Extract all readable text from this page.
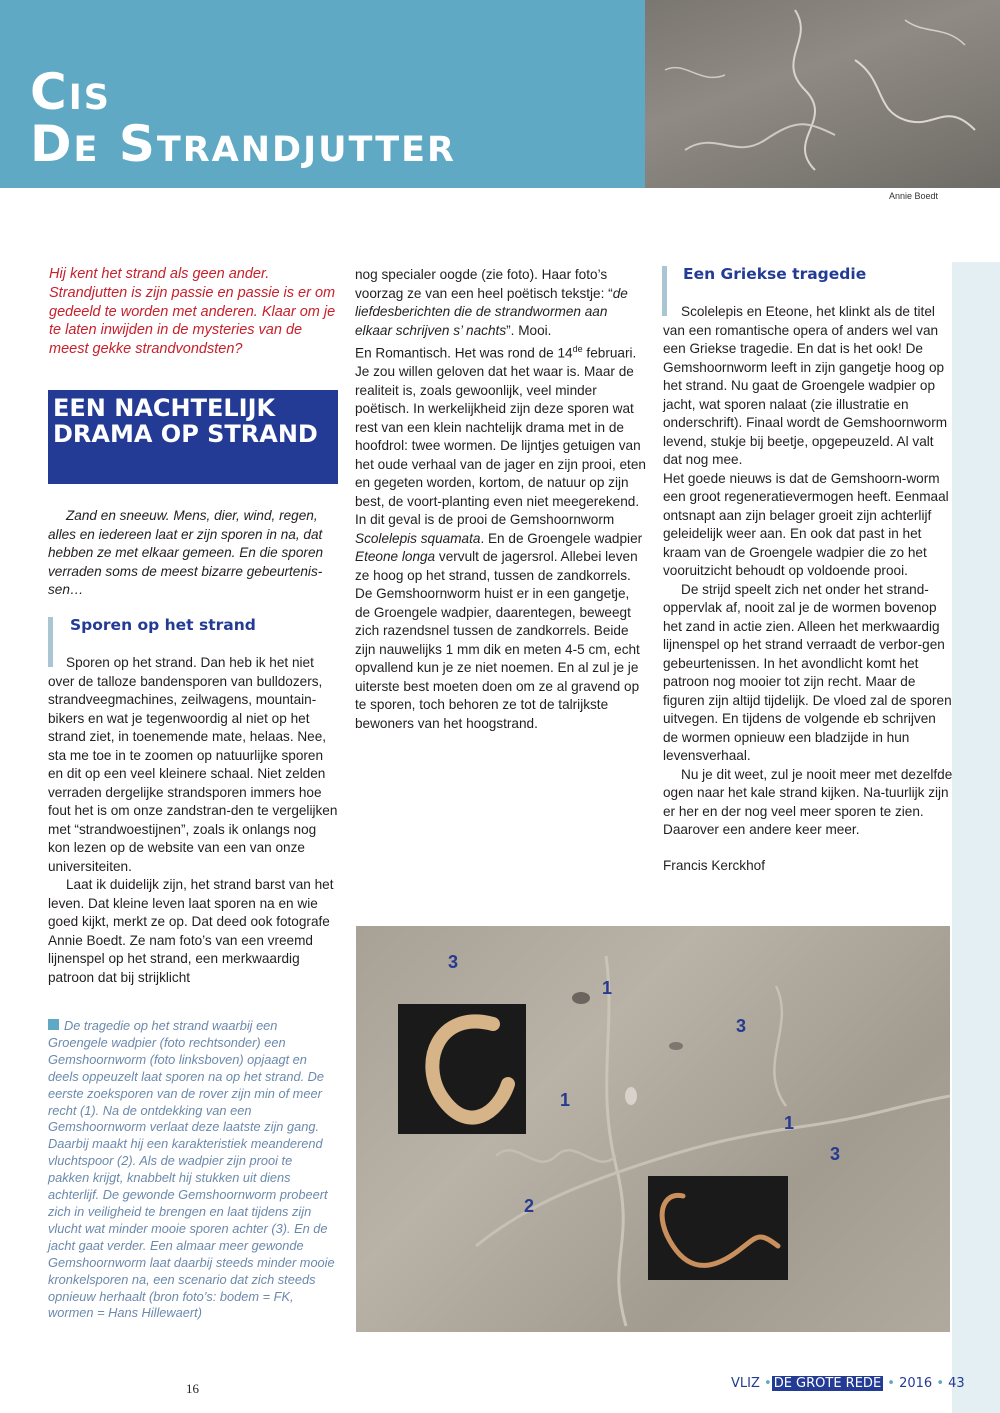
Cis
De Strandjutter
Annie Boedt

Hij kent het strand als geen ander. Strandjutten is zijn passie en passie is er om gedeeld te worden met anderen. Klaar om je te laten inwijden in de mysteries van de meest gekke strandvondsten?

EEN NACHTELIJK
DRAMA OP STRAND

Zand en sneeuw. Mens, dier, wind, regen, alles en iedereen laat er zijn sporen in na, dat hebben ze met elkaar gemeen. En die sporen verraden soms de meest bizarre gebeurtenis-sen…

Sporen op het strand

Sporen op het strand. Dan heb ik het niet over de talloze bandensporen van bulldozers, strandveegmachines, zeilwagens, mountain-bikers en wat je tegenwoordig al niet op het strand ziet, in toenemende mate, helaas. Nee, sta me toe in te zoomen op natuurlijke sporen en dit op een veel kleinere schaal. Niet zelden verraden dergelijke strandsporen immers hoe fout het is om onze zandstran-den te vergelijken met “strandwoestijnen”, zoals ik onlangs nog kon lezen op de website van een van onze universiteiten.

Laat ik duidelijk zijn, het strand barst van het leven. Dat kleine leven laat sporen na en wie goed kijkt, merkt ze op. Dat deed ook fotografe Annie Boedt. Ze nam foto’s van een vreemd lijnenspel op het strand, een merkwaardig patroon dat bij strijklicht

De tragedie op het strand waarbij een Groengele wadpier (foto rechtsonder) een Gemshoornworm (foto linksboven) opjaagt en deels oppeuzelt laat sporen na op het strand. De eerste zoeksporen van de rover zijn min of meer recht (1). Na de ontdekking van een Gemshoornworm verlaat deze laatste zijn gang. Daarbij maakt hij een karakteristiek meanderend vluchtspoor (2). Als de wadpier zijn prooi te pakken krijgt, knabbelt hij stukken uit diens achterlijf. De gewonde Gemshoornworm probeert zich in veiligheid te brengen en laat tijdens zijn vlucht wat minder mooie sporen achter (3). En de jacht gaat verder. Een almaar meer gewonde Gemshoornworm laat daarbij steeds minder mooie kronkelsporen na, een scenario dat zich steeds opnieuw herhaalt (bron foto’s: bodem = FK, wormen = Hans Hillewaert)

nog specialer oogde (zie foto). Haar foto’s voorzag ze van een heel poëtisch tekstje: “de liefdesberichten die de strandwormen aan elkaar schrijven s’ nachts”. Mooi.

En Romantisch. Het was rond de 14de februari. Je zou willen geloven dat het waar is. Maar de realiteit is, zoals gewoonlijk, veel minder poëtisch. In werkelijkheid zijn deze sporen wat rest van een klein nachtelijk drama met in de hoofdrol: twee wormen. De lijntjes getuigen van het oude verhaal van de jager en zijn prooi, eten en gegeten worden, kortom, de natuur op zijn best, de voort-planting even niet meegerekend. In dit geval is de prooi de Gemshoornworm Scolelepis squamata. En de Groengele wadpier Eteone longa vervult de jagersrol. Allebei leven ze hoog op het strand, tussen de zandkorrels. De Gemshoornworm huist er in een gangetje, de Groengele wadpier, daarentegen, beweegt zich razendsnel tussen de zandkorrels. Beide zijn nauwelijks 1 mm dik en meten 4-5 cm, echt opvallend kun je ze niet noemen. En al zul je je uiterste best moeten doen om ze al gravend op te sporen, toch behoren ze tot de talrijkste bewoners van het hoogstrand.

Een Griekse tragedie

Scolelepis en Eteone, het klinkt als de titel van een romantische opera of anders wel van een Griekse tragedie. En dat is het ook! De Gemshoornworm leeft in zijn gangetje hoog op het strand. Nu gaat de Groengele wadpier op jacht, wat sporen nalaat (zie illustratie en onderschrift). Finaal wordt de Gemshoornworm levend, stukje bij beetje, opgepeuzeld. Al valt dat nog mee.

Het goede nieuws is dat de Gemshoorn-worm een groot regeneratievermogen heeft. Eenmaal ontsnapt aan zijn belager groeit zijn achterlijf geleidelijk weer aan. En ook dat past in het kraam van de Groengele wadpier die zo het vooruitzicht behoudt op voldoende prooi.

De strijd speelt zich net onder het strand-oppervlak af, nooit zal je de wormen bovenop het zand in actie zien. Alleen het merkwaardig lijnenspel op het strand verraadt de verbor-gen gebeurtenissen. In het avondlicht komt het patroon nog mooier tot zijn recht. Maar de figuren zijn altijd tijdelijk. De vloed zal de sporen uitvegen. En tijdens de volgende eb schrijven de wormen opnieuw een bladzijde in hun levensverhaal.

Nu je dit weet, zul je nooit meer met dezelfde ogen naar het kale strand kijken. Na-tuurlijk zijn er her en der nog veel meer sporen te zien. Daarover een andere keer meer.

Francis Kerckhof

3
1
3
1
1
3
2
16	VLIZ • DE GROTE REDE • 2016 • 43
